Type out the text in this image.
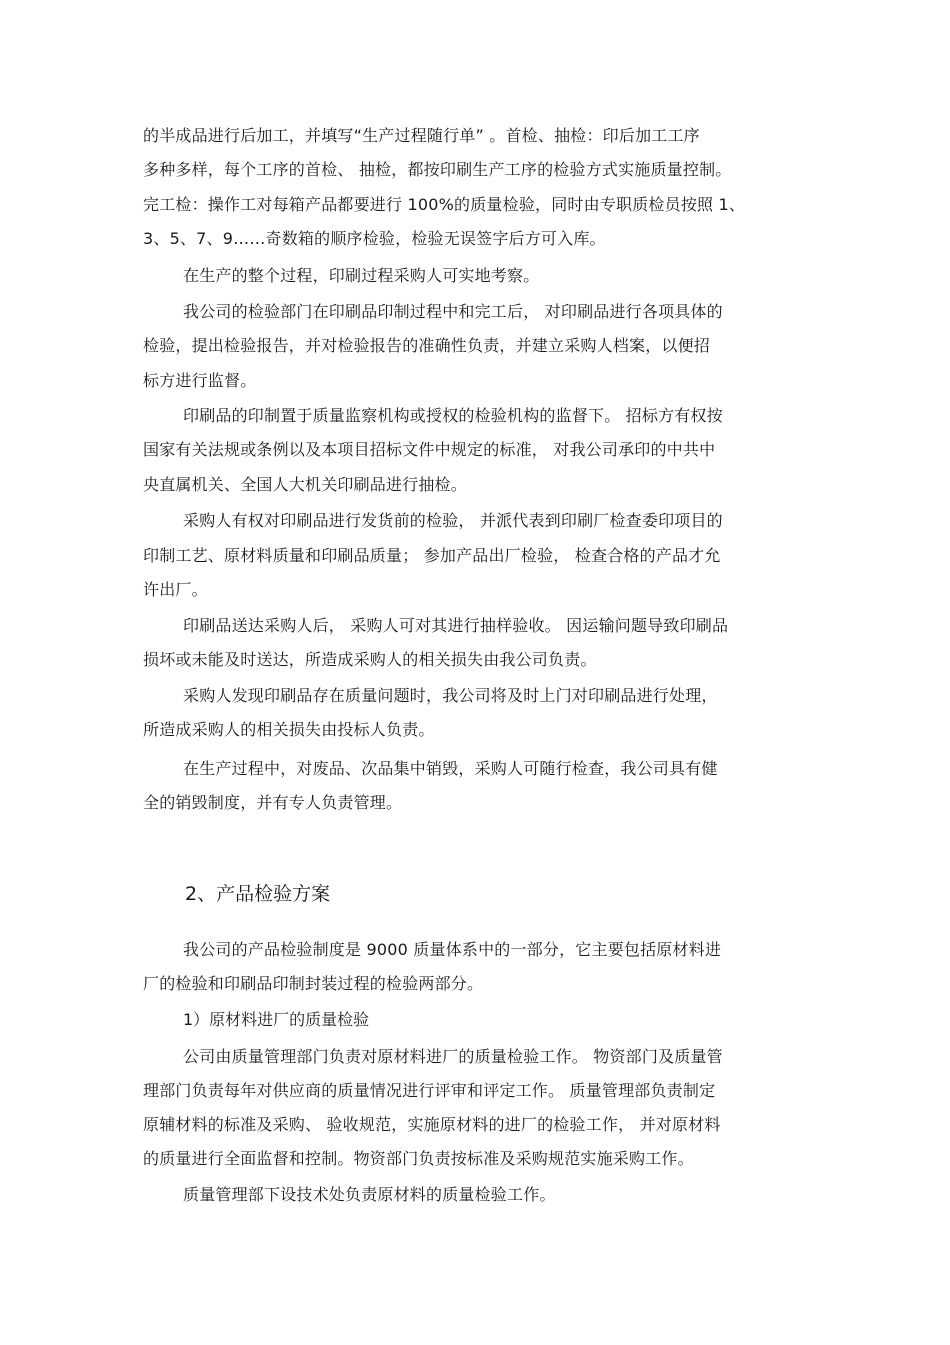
的半成品进行后加工，并填写“生产过程随行单” 。首检、抽检：印后加工工序
多种多样，每个工序的首检、 抽检，都按印刷生产工序的检验方式实施质量控制。
完工检：操作工对每箱产品都要进行 100%的质量检验，同时由专职质检员按照 1、
3、5、7、9……奇数箱的顺序检验，检验无误签字后方可入库。
在生产的整个过程，印刷过程采购人可实地考察。
我公司的检验部门在印刷品印制过程中和完工后， 对印刷品进行各项具体的
检验，提出检验报告，并对检验报告的准确性负责，并建立采购人档案，以便招
标方进行监督。
印刷品的印制置于质量监察机构或授权的检验机构的监督下。 招标方有权按
国家有关法规或条例以及本项目招标文件中规定的标准， 对我公司承印的中共中
央直属机关、全国人大机关印刷品进行抽检。
采购人有权对印刷品进行发货前的检验， 并派代表到印刷厂检查委印项目的
印制工艺、原材料质量和印刷品质量； 参加产品出厂检验， 检查合格的产品才允
许出厂。
印刷品送达采购人后， 采购人可对其进行抽样验收。 因运输问题导致印刷品
损坏或未能及时送达，所造成采购人的相关损失由我公司负责。
采购人发现印刷品存在质量问题时，我公司将及时上门对印刷品进行处理，
所造成采购人的相关损失由投标人负责。
在生产过程中，对废品、次品集中销毁，采购人可随行检查，我公司具有健
全的销毁制度，并有专人负责管理。
2、产品检验方案
我公司的产品检验制度是 9000 质量体系中的一部分，它主要包括原材料进
厂的检验和印刷品印制封装过程的检验两部分。
1）原材料进厂的质量检验
公司由质量管理部门负责对原材料进厂的质量检验工作。 物资部门及质量管
理部门负责每年对供应商的质量情况进行评审和评定工作。 质量管理部负责制定
原辅材料的标准及采购、 验收规范，实施原材料的进厂的检验工作， 并对原材料
的质量进行全面监督和控制。物资部门负责按标准及采购规范实施采购工作。
质量管理部下设技术处负责原材料的质量检验工作。
